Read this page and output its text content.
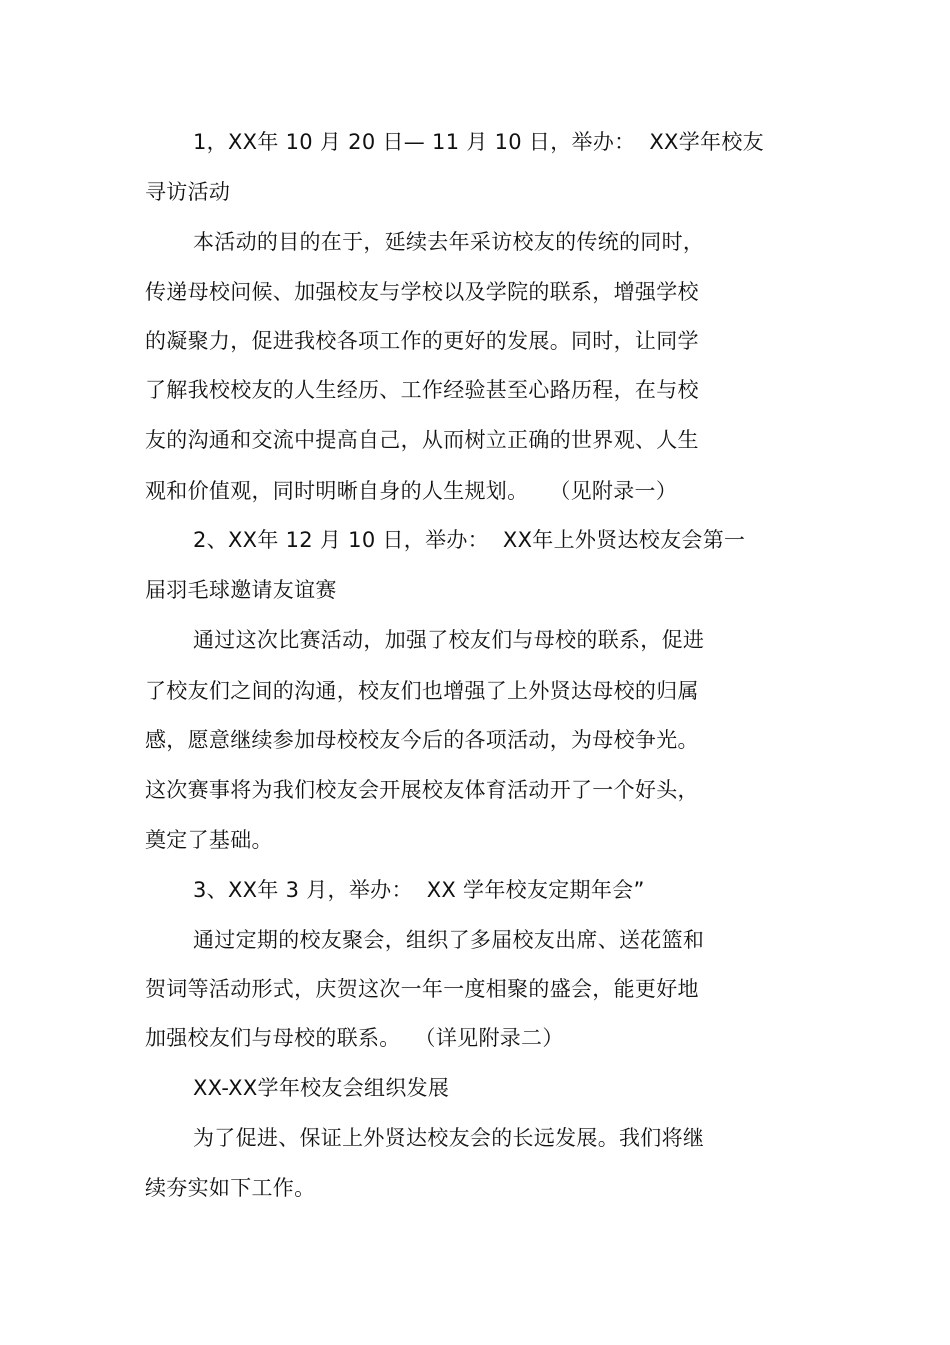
1，XX年 10 月 20 日— 11 月 10 日，举办：  XX学年校友
寻访活动
本活动的目的在于，延续去年采访校友的传统的同时，
传递母校问候、加强校友与学校以及学院的联系，增强学校
的凝聚力，促进我校各项工作的更好的发展。同时，让同学
了解我校校友的人生经历、工作经验甚至心路历程，在与校
友的沟通和交流中提高自己，从而树立正确的世界观、人生
观和价值观，同时明晰自身的人生规划。   （见附录一）
2、XX年 12 月 10 日，举办：  XX年上外贤达校友会第一
届羽毛球邀请友谊赛
通过这次比赛活动，加强了校友们与母校的联系，促进
了校友们之间的沟通，校友们也增强了上外贤达母校的归属
感，愿意继续参加母校校友今后的各项活动，为母校争光。
这次赛事将为我们校友会开展校友体育活动开了一个好头，
奠定了基础。
3、XX年 3 月，举办：  XX 学年校友定期年会”
通过定期的校友聚会，组织了多届校友出席、送花篮和
贺词等活动形式，庆贺这次一年一度相聚的盛会，能更好地
加强校友们与母校的联系。  （详见附录二）
XX-XX学年校友会组织发展
为了促进、保证上外贤达校友会的长远发展。我们将继
续夯实如下工作。
